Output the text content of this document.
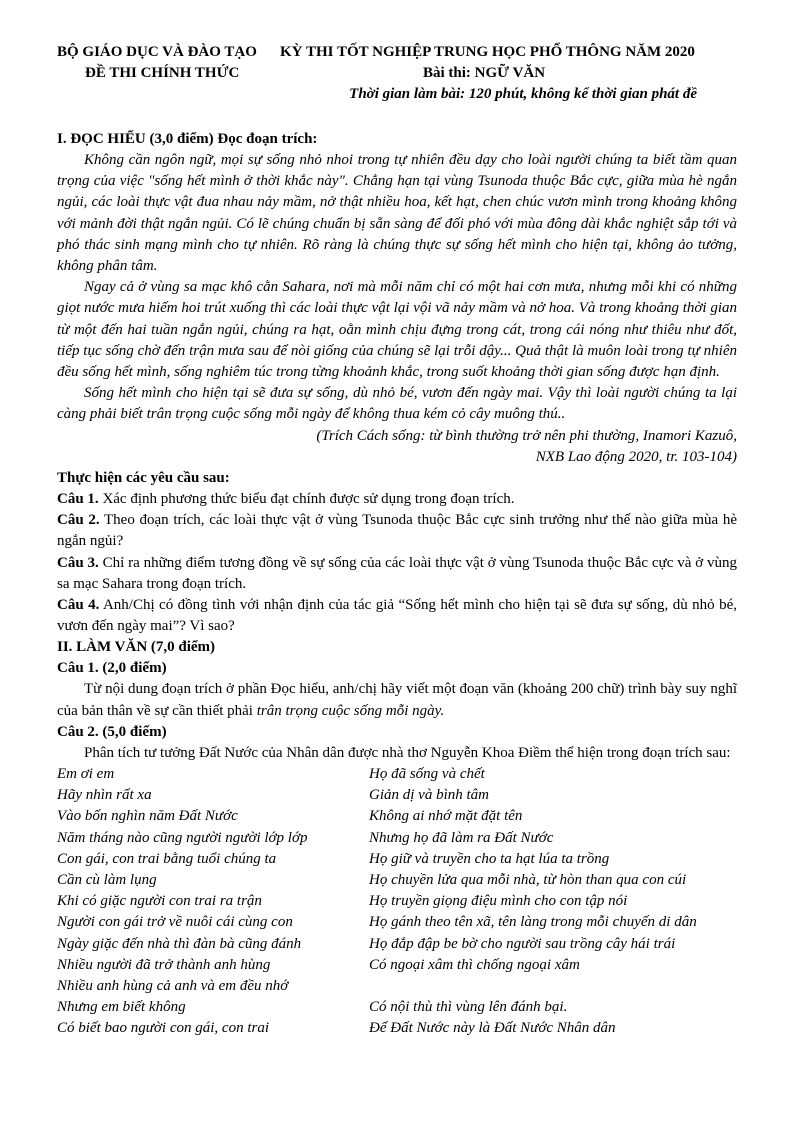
BỘ GIÁO DỤC VÀ ĐÀO TẠO KỲ THI TỐT NGHIỆP TRUNG HỌC PHỔ THÔNG NĂM 2020
ĐỀ THI CHÍNH THỨC	Bài thi: NGỮ VĂN
Thời gian làm bài: 120 phút, không kể thời gian phát đề
I. ĐỌC HIỂU (3,0 điểm) Đọc đoạn trích:

Không cần ngôn ngữ, mọi sự sống nhỏ nhoi trong tự nhiên đều dạy cho loài người chúng ta biết tầm quan trọng của việc "sống hết mình ở thời khắc này". Chẳng hạn tại vùng Tsunoda thuộc Bắc cực, giữa mùa hè ngắn ngủi, các loài thực vật đua nhau nảy mầm, nở thật nhiều hoa, kết hạt, chen chúc vươn mình trong khoảng không với mảnh đời thật ngắn ngủi. Có lẽ chúng chuẩn bị sẵn sàng để đối phó với mùa đông dài khắc nghiệt sắp tới và phó thác sinh mạng mình cho tự nhiên. Rõ ràng là chúng thực sự sống hết mình cho hiện tại, không ảo tưởng, không phân tâm.

Ngay cả ở vùng sa mạc khô cằn Sahara, nơi mà mỗi năm chỉ có một hai cơn mưa, nhưng mỗi khi có những giọt nước mưa hiếm hoi trút xuống thì các loài thực vật lại vội vã nảy mầm và nở hoa. Và trong khoảng thời gian từ một đến hai tuần ngắn ngủi, chúng ra hạt, oằn mình chịu đựng trong cát, trong cái nóng như thiêu như đốt, tiếp tục sống chờ đến trận mưa sau để nòi giống của chúng sẽ lại trỗi dậy... Quả thật là muôn loài trong tự nhiên đều sống hết mình, sống nghiêm túc trong từng khoảnh khắc, trong suốt khoảng thời gian sống được hạn định.

Sống hết mình cho hiện tại sẽ đưa sự sống, dù nhỏ bé, vươn đến ngày mai. Vậy thì loài người chúng ta lại càng phải biết trân trọng cuộc sống mỗi ngày để không thua kém cỏ cây muông thú..

(Trích Cách sống: từ bình thường trở nên phi thường, Inamori Kazuô,
NXB Lao động 2020, tr. 103-104)
Thực hiện các yêu cầu sau:

Câu 1. Xác định phương thức biểu đạt chính được sử dụng trong đoạn trích.

Câu 2. Theo đoạn trích, các loài thực vật ở vùng Tsunoda thuộc Bắc cực sinh trưởng như thế nào giữa mùa hè ngắn ngủi?

Câu 3. Chỉ ra những điểm tương đồng về sự sống của các loài thực vật ở vùng Tsunoda thuộc Bắc cực và ở vùng sa mạc Sahara trong đoạn trích.

Câu 4. Anh/Chị có đồng tình với nhận định của tác giả “Sống hết mình cho hiện tại sẽ đưa sự sống, dù nhỏ bé, vươn đến ngày mai”? Vì sao?

II. LÀM VĂN (7,0 điểm)
Câu 1. (2,0 điểm)

Từ nội dung đoạn trích ở phần Đọc hiểu, anh/chị hãy viết một đoạn văn (khoảng 200 chữ) trình bày suy nghĩ của bản thân về sự cần thiết phải trân trọng cuộc sống mỗi ngày.

Câu 2. (5,0 điểm)

Phân tích tư tưởng Đất Nước của Nhân dân được nhà thơ Nguyễn Khoa Điềm thể hiện trong đoạn trích sau:

Em ơi em	Họ đã sống và chết
Hãy nhìn rất xa	Giản dị và bình tâm
Vào bốn nghìn năm Đất Nước	Không ai nhớ mặt đặt tên
Năm tháng nào cũng người người lớp lớp	Nhưng họ đã làm ra Đất Nước
Con gái, con trai bằng tuổi chúng ta	Họ giữ và truyền cho ta hạt lúa ta trồng
Cần cù làm lụng	Họ chuyền lửa qua mỗi nhà, từ hòn than qua con cúi
Khi có giặc người con trai ra trận	Họ truyền giọng điệu mình cho con tập nói
Người con gái trở về nuôi cái cùng con	Họ gánh theo tên xã, tên làng trong mỗi chuyến di dân
Ngày giặc đến nhà thì đàn bà cũng đánh	Họ đắp đập be bờ cho người sau trồng cây hái trái
Nhiều người đã trở thành anh hùng	Có ngoại xâm thì chống ngoại xâm
Nhiều anh hùng cả anh và em đều nhớ
Nhưng em biết không	Có nội thù thì vùng lên đánh bại.
Có biết bao người con gái, con trai	Để Đất Nước này là Đất Nước Nhân dân
